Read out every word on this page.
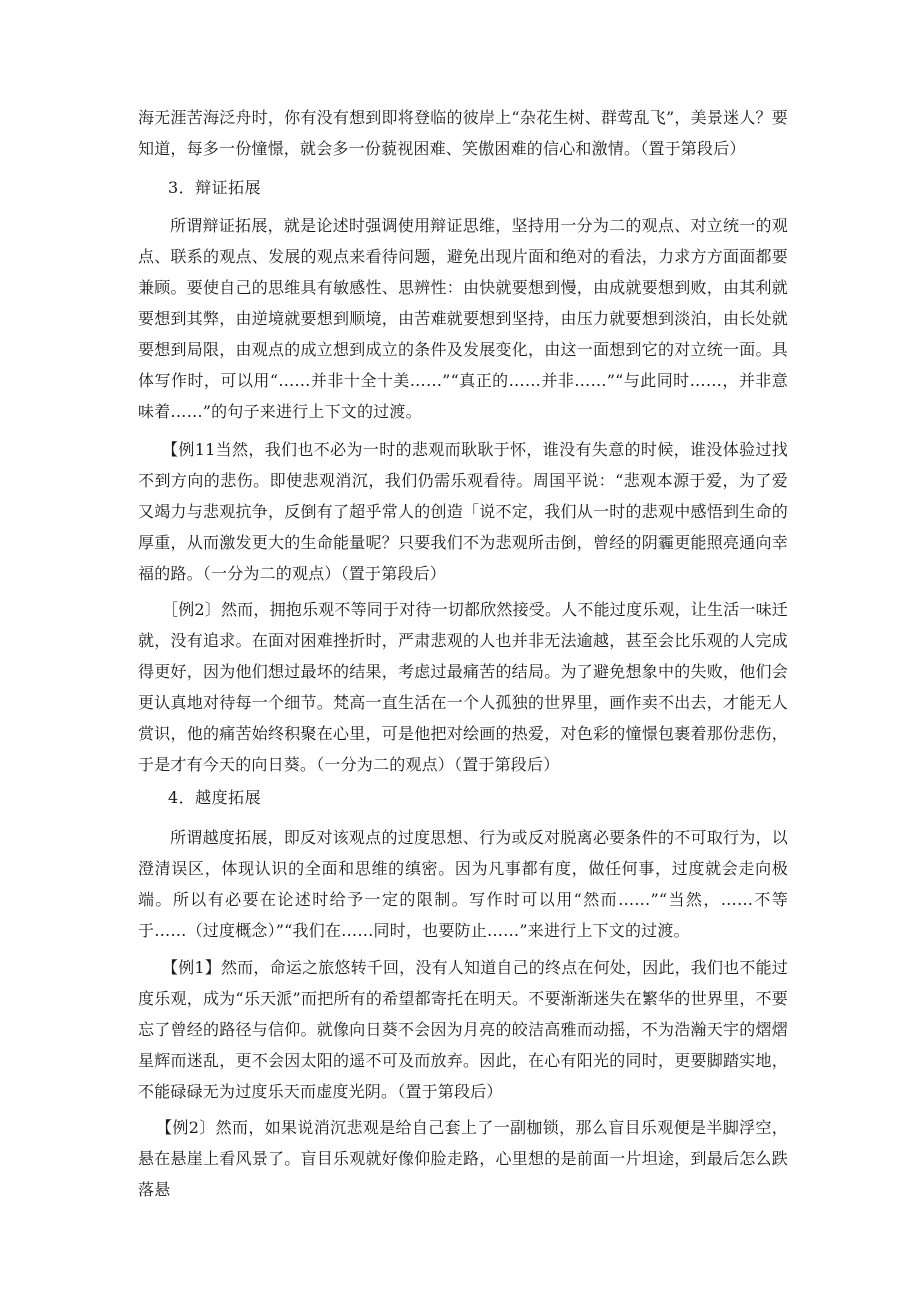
海无涯苦海泛舟时，你有没有想到即将登临的彼岸上“杂花生树、群莺乱飞”，美景迷人？要知道，每多一份憧憬，就会多一份藐视困难、笑傲困难的信心和激情。（置于第段后）

3．辩证拓展

所谓辩证拓展，就是论述时强调使用辩证思维，坚持用一分为二的观点、对立统一的观点、联系的观点、发展的观点来看待问题，避免出现片面和绝对的看法，力求方方面面都要兼顾。要使自己的思维具有敏感性、思辨性：由快就要想到慢，由成就要想到败，由其利就要想到其弊，由逆境就要想到顺境，由苦难就要想到坚持，由压力就要想到淡泊，由长处就要想到局限，由观点的成立想到成立的条件及发展变化，由这一面想到它的对立统一面。具体写作时，可以用“……并非十全十美……”“真正的……并非……”“与此同时……，并非意味着……”的句子来进行上下文的过渡。

【例11当然，我们也不必为一时的悲观而耿耿于怀，谁没有失意的时候，谁没体验过找不到方向的悲伤。即使悲观消沉，我们仍需乐观看待。周国平说：“悲观本源于爱，为了爱又竭力与悲观抗争，反倒有了超乎常人的创造「说不定，我们从一时的悲观中感悟到生命的厚重，从而激发更大的生命能量呢？只要我们不为悲观所击倒，曾经的阴霾更能照亮通向幸福的路。（一分为二的观点）（置于第段后）

［例2〕然而，拥抱乐观不等同于对待一切都欣然接受。人不能过度乐观，让生活一味迁就，没有追求。在面对困难挫折时，严肃悲观的人也并非无法逾越，甚至会比乐观的人完成得更好，因为他们想过最坏的结果，考虑过最痛苦的结局。为了避免想象中的失败，他们会更认真地对待每一个细节。梵高一直生活在一个人孤独的世界里，画作卖不出去，才能无人赏识，他的痛苦始终积聚在心里，可是他把对绘画的热爱，对色彩的憧憬包裹着那份悲伤，于是才有今天的向日葵。（一分为二的观点）（置于第段后）

4．越度拓展

所谓越度拓展，即反对该观点的过度思想、行为或反对脱离必要条件的不可取行为，以澄清误区，体现认识的全面和思维的缜密。因为凡事都有度，做任何事，过度就会走向极端。所以有必要在论述时给予一定的限制。写作时可以用“然而……”“当然，……不等于……（过度概念）”“我们在……同时，也要防止……”来进行上下文的过渡。

【例1】然而，命运之旅悠转千回，没有人知道自己的终点在何处，因此，我们也不能过度乐观，成为“乐天派”而把所有的希望都寄托在明天。不要渐渐迷失在繁华的世界里，不要忘了曾经的路径与信仰。就像向日葵不会因为月亮的皎洁高雅而动摇，不为浩瀚天宇的熠熠星辉而迷乱，更不会因太阳的遥不可及而放弃。因此，在心有阳光的同时，更要脚踏实地，不能碌碌无为过度乐天而虚度光阴。（置于第段后）

【例2〕然而，如果说消沉悲观是给自己套上了一副枷锁，那么盲目乐观便是半脚浮空，悬在悬崖上看风景了。盲目乐观就好像仰脸走路，心里想的是前面一片坦途，到最后怎么跌落悬
